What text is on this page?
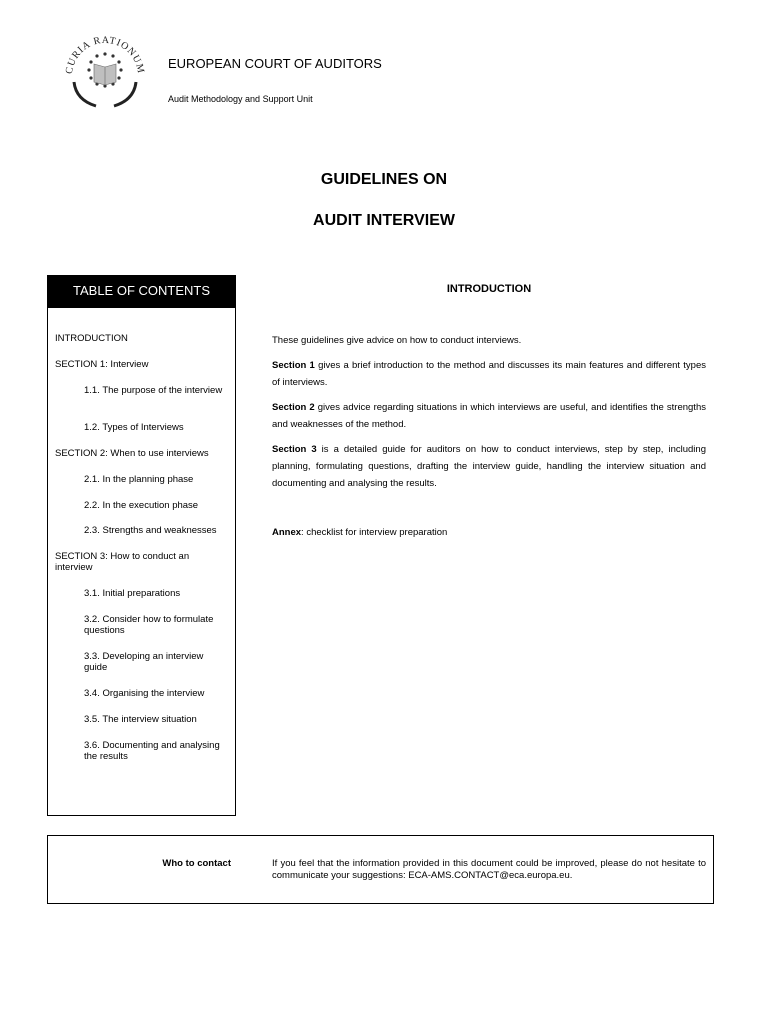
CURIA RATIONUM EUROPEAN COURT OF AUDITORS
Audit Methodology and Support Unit
GUIDELINES ON
AUDIT INTERVIEW
TABLE OF CONTENTS
INTRODUCTION
SECTION 1: Interview
1.1. The purpose of the interview
1.2. Types of Interviews
SECTION 2: When to use interviews
2.1. In the planning phase
2.2. In the execution phase
2.3. Strengths and weaknesses
SECTION 3: How to conduct an interview
3.1. Initial preparations
3.2. Consider how to formulate questions
3.3. Developing an interview guide
3.4. Organising the interview
3.5. The interview situation
3.6. Documenting and analysing the results
INTRODUCTION
These guidelines give advice on how to conduct interviews.
Section 1 gives a brief introduction to the method and discusses its main features and different types of interviews.
Section 2 gives advice regarding situations in which interviews are useful, and identifies the strengths and weaknesses of the method.
Section 3 is a detailed guide for auditors on how to conduct interviews, step by step, including planning, formulating questions, drafting the interview guide, handling the interview situation and documenting and analysing the results.
Annex: checklist for interview preparation
Who to contact	If you feel that the information provided in this document could be improved, please do not hesitate to communicate your suggestions: ECA-AMS.CONTACT@eca.europa.eu.
